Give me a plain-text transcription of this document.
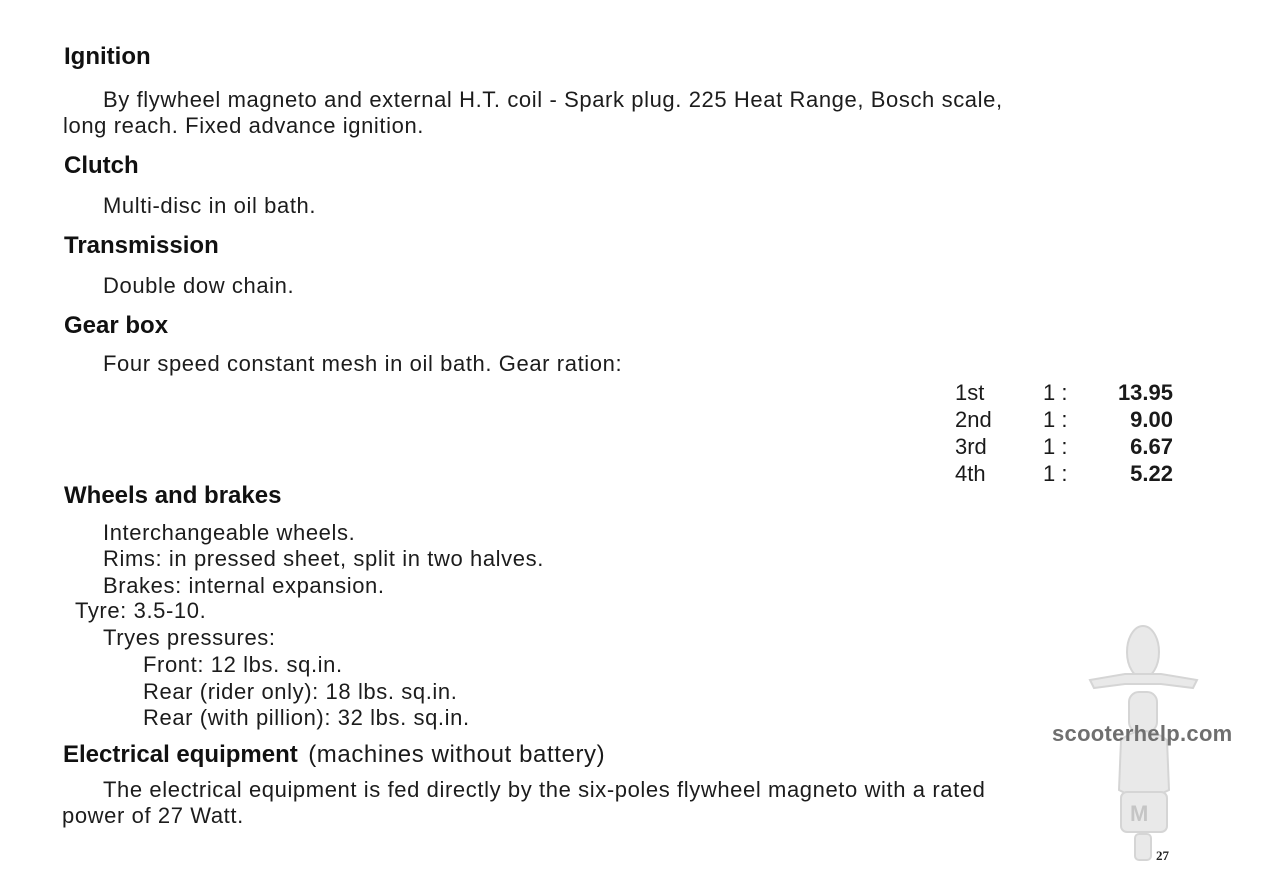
Ignition
By flywheel magneto and external H.T. coil - Spark plug. 225 Heat Range, Bosch scale,
long reach. Fixed advance ignition.
Clutch
Multi-disc in oil bath.
Transmission
Double dow chain.
Gear box
Four speed constant mesh in oil bath. Gear ration:
1st	1 :	13.95
2nd 1 :	9.00
3rd	1 :	6.67
4th	1 :	5.22
Wheels and brakes
Interchangeable wheels.
Rims: in pressed sheet, split in two halves.
Brakes: internal expansion.
Tyre: 3.5-10.
Tryes pressures:
Front: 12 lbs. sq.in.
Rear (rider only): 18 lbs. sq.in.
Rear (with pillion): 32 lbs. sq.in.
Electrical equipment (machines without battery)
The electrical equipment is fed directly by the six-poles flywheel magneto with a rated
power of 27 Watt.	M
scooterhelp.com
27
